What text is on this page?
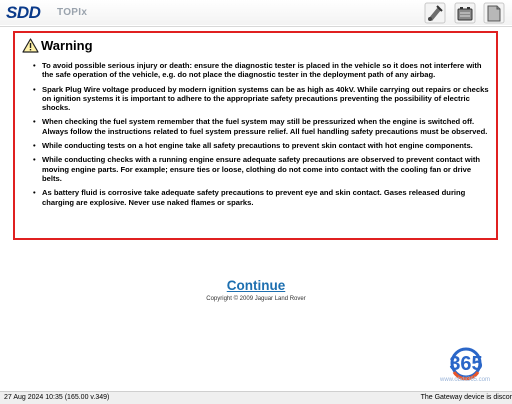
SDD TOPIx
Warning
• To avoid possible serious injury or death: ensure the diagnostic tester is placed in the vehicle so it does not interfere with the safe operation of the vehicle, e.g. do not place the diagnostic tester in the deployment path of any airbag.
• Spark Plug Wire voltage produced by modern ignition systems can be as high as 40kV. While carrying out repairs or checks on ignition systems it is important to adhere to the appropriate safety precautions preventing the possibility of electric shocks.
• When checking the fuel system remember that the fuel system may still be pressurized when the engine is switched off. Always follow the instructions related to fuel system pressure relief. All fuel handling safety precautions must be observed.
• While conducting tests on a hot engine take all safety precautions to prevent skin contact with hot engine components.
• While conducting checks with a running engine ensure adequate safety precautions are observed to prevent contact with moving engine parts. For example; ensure ties or loose, clothing do not come into contact with the cooling fan or drive belts.
• As battery fluid is corrosive take adequate safety precautions to prevent eye and skin contact. Gases released during charging are explosive. Never use naked flames or sparks.
Continue
Copyright © 2009 Jaguar Land Rover
365
www.obdii365.com
27 Aug 2024 10:35 (165.00 v.349)	The Gateway device is discor
